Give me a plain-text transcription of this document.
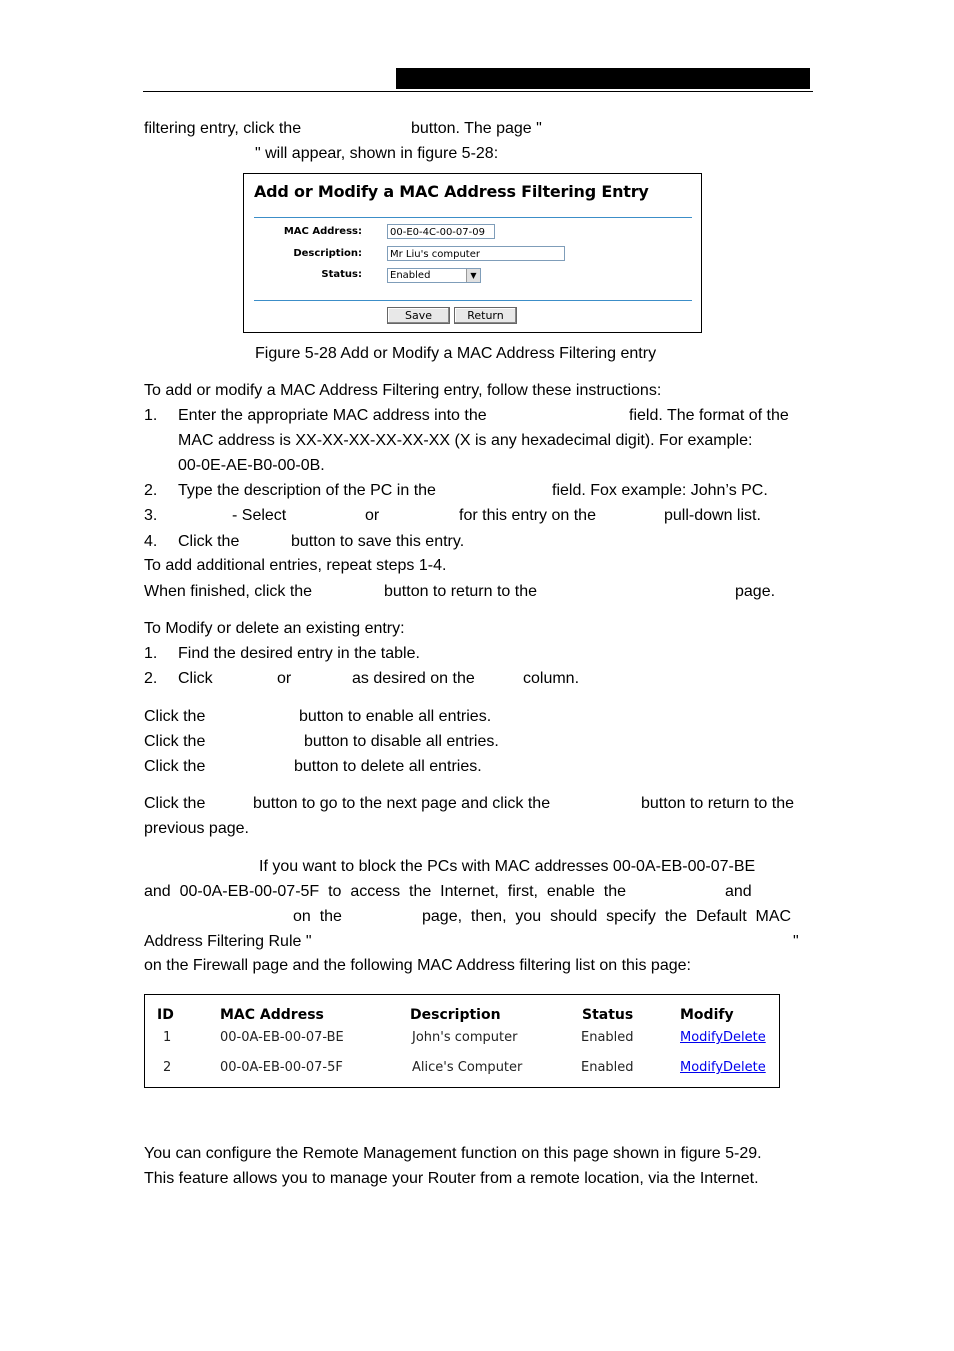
filtering entry, click the	button. The page "
" will appear, shown in figure 5-28:
Add or Modify a MAC Address Filtering Entry
MAC Address:	00-E0-4C-00-07-09
Description:	Mr Liu's computer
Status:	Enabled	▼
Save	Return
Figure 5-28 Add or Modify a MAC Address Filtering entry
To add or modify a MAC Address Filtering entry, follow these instructions:
1. Enter the appropriate MAC address into the	field. The format of the
MAC address is XX-XX-XX-XX-XX-XX (X is any hexadecimal digit). For example:
00-0E-AE-B0-00-0B.
2. Type the description of the PC in the	field. Fox example: John’s PC.
3.	- Select	or	for this entry on the	pull-down list.
4. Click the	button to save this entry.
To add additional entries, repeat steps 1-4.
When finished, click the	button to return to the	page.
To Modify or delete an existing entry:
1. Find the desired entry in the table.
2. Click	or	as desired on the	column.
Click the	button to enable all entries.
Click the	button to disable all entries.
Click the	button to delete all entries.
Click the	button to go to the next page and click the	button to return to the
previous page.
If you want to block the PCs with MAC addresses 00-0A-EB-00-07-BE
and  00-0A-EB-00-07-5F  to  access  the  Internet,  first,  enable  the	and
on  the	page,  then,  you  should  specify  the  Default  MAC
Address Filtering Rule "	"
on the Firewall page and the following MAC Address filtering list on this page:
ID	MAC Address	Description	Status	Modify
1	00-0A-EB-00-07-BE	John's computer	Enabled	Modify Delete
2	00-0A-EB-00-07-5F	Alice's Computer	Enabled	Modify Delete
You can configure the Remote Management function on this page shown in figure 5-29.
This feature allows you to manage your Router from a remote location, via the Internet.
